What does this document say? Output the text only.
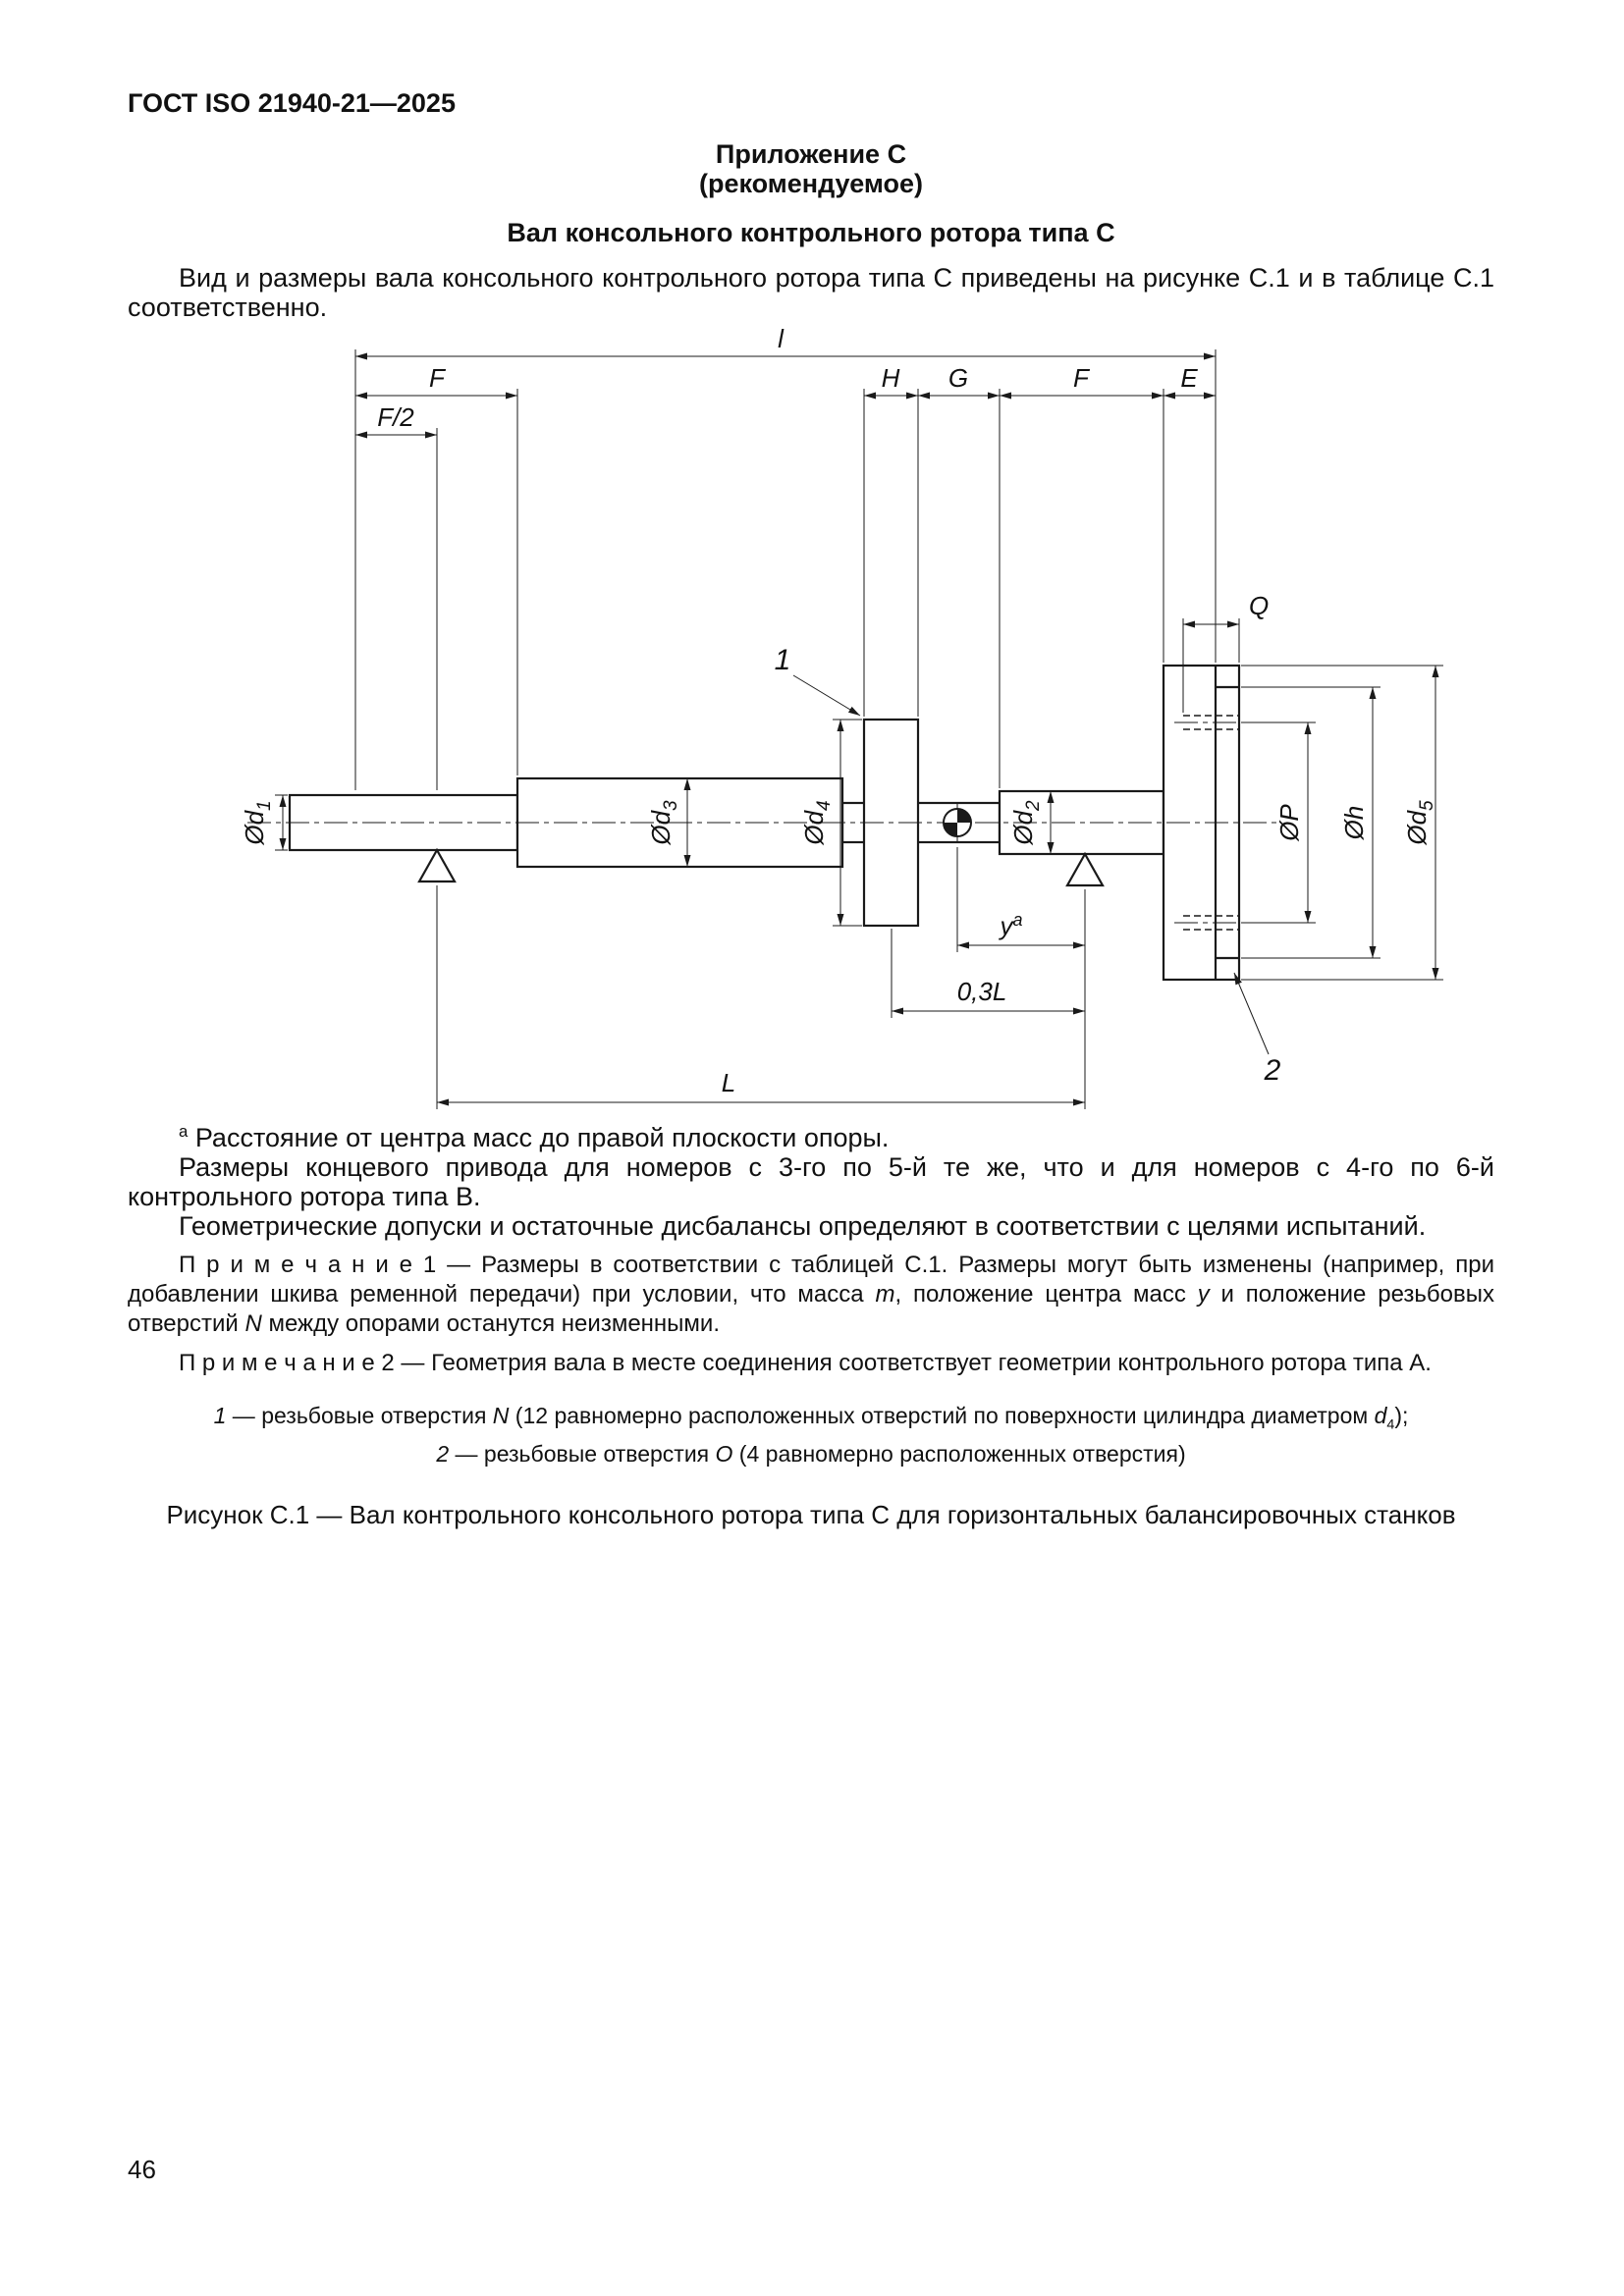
ГОСТ ISO 21940-21—2025
Приложение С
(рекомендуемое)
Вал консольного контрольного ротора типа С

Вид и размеры вала консольного контрольного ротора типа С приведены на рисунке С.1 и в таблице С.1 соответственно.

l
F	H G	F	E
F/2
Q
$y^а$
0,3L
L
$Ød_1$
$Ød_3$
$Ød_4$
$Ød_2$	ØP Øh $Ød_5$
1
2

$^а$ Расстояние от центра масс до правой плоскости опоры.

Размеры концевого привода для номеров с 3-го по 5-й те же, что и для номеров с 4-го по 6-й контрольного ротора типа В.

Геометрические допуски и остаточные дисбалансы определяют в соответствии с целями испытаний.

П р и м е ч а н и е 1 — Размеры в соответствии с таблицей С.1. Размеры могут быть изменены (например, при добавлении шкива ременной передачи) при условии, что масса m, положение центра масс у и положение резьбовых отверстий N между опорами останутся неизменными.

П р и м е ч а н и е 2 — Геометрия вала в месте соединения соответствует геометрии контрольного ротора типа А.

1 — резьбовые отверстия N (12 равномерно расположенных отверстий по поверхности цилиндра диаметром $d_4$);
2 — резьбовые отверстия О (4 равномерно расположенных отверстия)

Рисунок С.1 — Вал контрольного консольного ротора типа С для горизонтальных балансировочных станков

46
